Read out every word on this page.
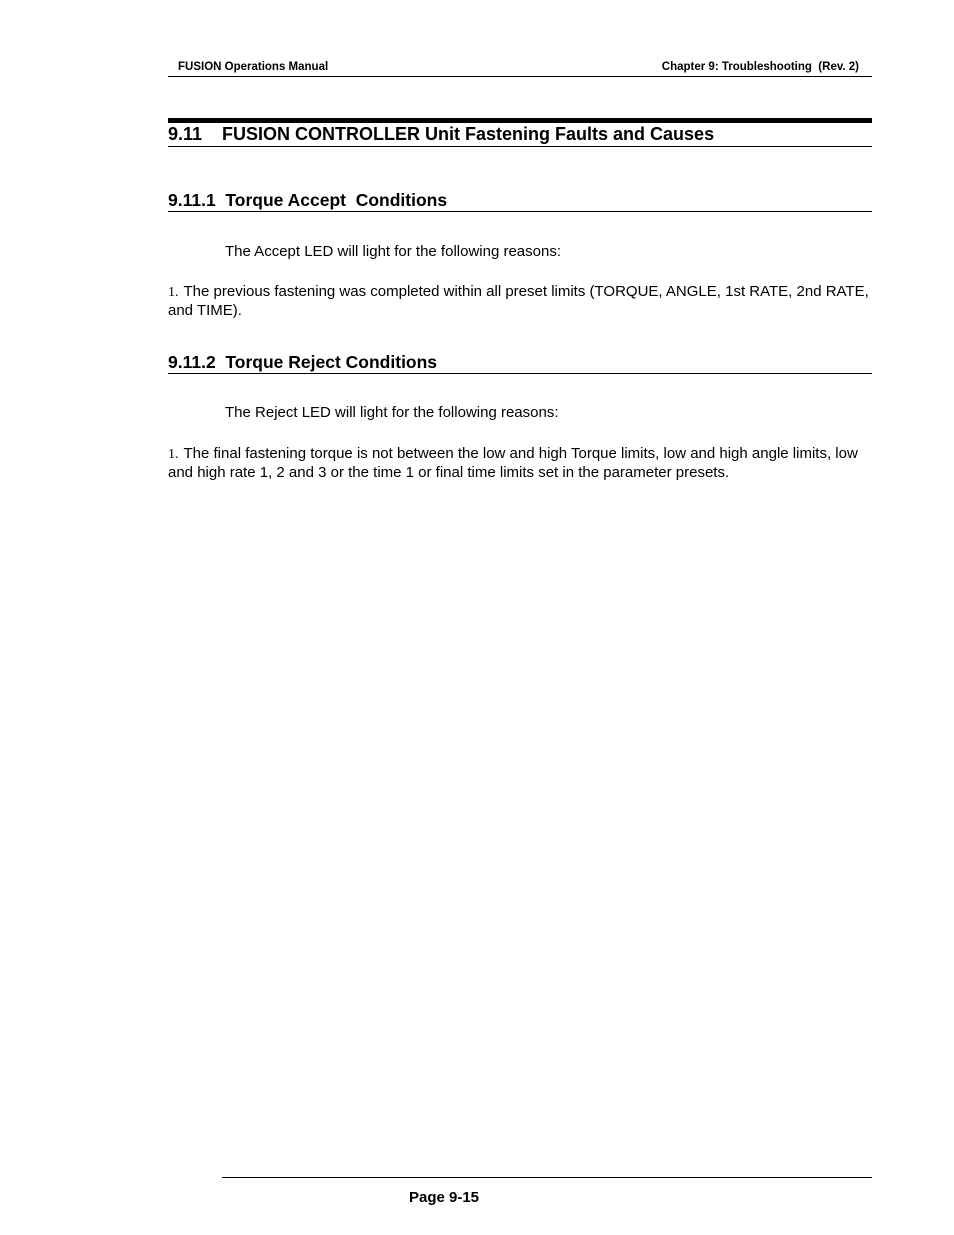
FUSION Operations Manual	Chapter 9: Troubleshooting  (Rev. 2)
9.11    FUSION CONTROLLER Unit Fastening Faults and Causes
9.11.1  Torque Accept  Conditions
The Accept LED will light for the following reasons:
1. The previous fastening was completed within all preset limits (TORQUE, ANGLE, 1st RATE, 2nd RATE, and TIME).
9.11.2  Torque Reject Conditions
The Reject LED will light for the following reasons:
1. The final fastening torque is not between the low and high Torque limits, low and high angle limits, low and high rate 1, 2 and 3 or the time 1 or final time limits set in the parameter presets.
Page 9-15
